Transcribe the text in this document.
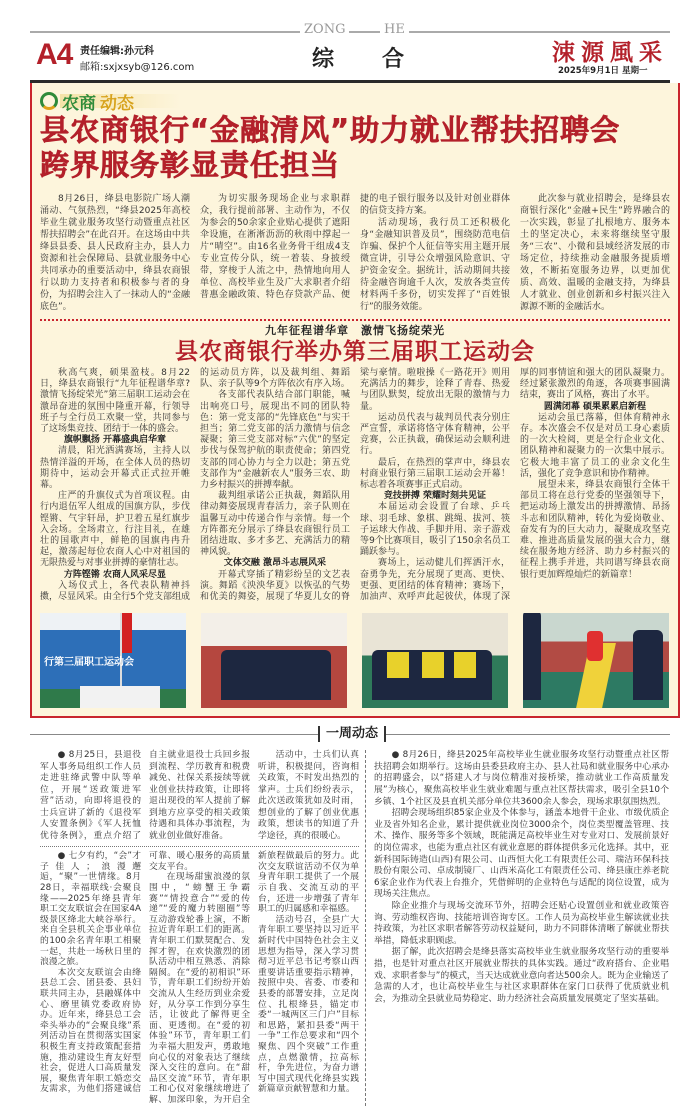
ZONG	HE
A4 责任编辑:孙元科
邮箱:sxjxsyb@126.com	综合	涑源風采
2025年9月1日 星期一
农商 动态
县农商银行“金融清风”助力就业帮扶招聘会
跨界服务彰显责任担当

8月26日，绛县电影院广场人潮涌动、气氛热烈，“绛县2025年高校毕业生就业服务攻坚行动暨重点社区帮扶招聘会”在此召开。在这场由中共绛县县委、县人民政府主办，县人力资源和社会保障局、县就业服务中心共同承办的重要活动中，绛县农商银行以助力支持者和积极参与者的身份，为招聘会注入了一抹动人的“金融底色”。

为切实服务现场企业与求职群众，我行提前部署、主动作为，不仅为参会的50余家企业贴心提供了遮阳伞设施，在淅淅沥沥的秋雨中撑起一片“晴空”。由16名业务骨干组成4支专业宣传分队，统一着装、身披绶带，穿梭于人流之中，热情地向用人单位、高校毕业生及广大求职者介绍普惠金融政策、特色存贷款产品、便捷的电子银行服务以及针对创业群体的信贷支持方案。

活动现场，我行员工还积极化身“金融知识普及员”，围绕防范电信诈骗、保护个人征信等实用主题开展微宣讲，引导公众增强风险意识、守护资金安全。据统计，活动期间共接待金融咨询逾千人次，发放各类宣传材料两千多份，切实发挥了“百姓银行”的服务效能。

此次参与就业招聘会，是绛县农商银行深化“金融+民生”跨界融合的一次实践，彰显了扎根地方、服务本土的坚定决心，未来将继续坚守服务“三农”、小微和县域经济发展的市场定位，持续推动金融服务提质增效，不断拓宽服务边界，以更加优质、高效、温暖的金融支持，为绛县人才就业、创业创新和乡村振兴注入源源不断的金融活水。

九年征程谱华章　激情飞扬绽荣光
县农商银行举办第三届职工运动会

秋高气爽，硕果盈枝。8月22日，绛县农商银行“九年征程谱华章?激情飞扬绽荣光”第三届职工运动会在激昂奋进的氛围中隆重开幕，行领导班子与全行员工欢聚一堂，共同参与了这场集竞技、团结于一体的盛会。

旗帜飘扬 开幕盛典启华章

清晨，阳光洒满赛场，主持人以热情洋溢的开场，在全体人员的热切期待中，运动会开幕式正式拉开帷幕。

庄严的升旗仪式为首项议程。由行内退伍军人组成的国旗方队，步伐铿锵、气宇轩昂，护卫着五星红旗步入会场。全场肃立，行注目礼，在雄壮的国歌声中，鲜艳的国旗冉冉升起，激荡起每位农商人心中对祖国的无限热爱与对事业拼搏的豪情壮志。

方阵铿锵 农商人风采尽显

入场仪式上，各代表队精神抖擞，尽显风采。由全行5个党支部组成的运动员方阵，以及裁判组、舞蹈队、亲子队等9个方阵依次有序入场。

各支部代表队结合部门职能，喊出响亮口号，展现出不同的团队特色：第一党支部的“先锋底色”与实干担当；第二党支部的活力激情与信念凝聚；第三党支部对标“六优”的坚定步伐与保驾护航的职责使命；第四党支部的同心协力与全力以赴；第五党支部作为“金融新农人”服务三农、助力乡村振兴的拼搏奉献。

裁判组承诺公正执裁，舞蹈队用律动舞姿展现青春活力，亲子队则在温馨互动中传递合作与亲情。每一个方阵都充分展示了绛县农商银行员工团结进取、多才多艺、充满活力的精神风貌。

文体交融 激昂斗志展风采

开幕式穿插了精彩纷呈的文艺表演。舞蹈《泱泱华夏》以恢弘的气势和优美的舞姿，展现了华夏儿女的脊梁与豪情。啦啦操《一路花开》则用充满活力的舞步，诠释了青春、热爱与团队默契，绽放出无限的激情与力量。

运动员代表与裁判员代表分别庄严宣誓，承诺将恪守体育精神，公平竞赛，公正执裁，确保运动会顺利进行。

最后，在热烈的掌声中，绛县农村商业银行第三届职工运动会开幕！标志着各项赛事正式启动。

竞技拼搏 荣耀时刻共见证

本届运动会设置了台球、乒乓球、羽毛球、象棋、跳绳、拔河、筷子运球大作战、手脚并用、亲子游戏等9个比赛项目，吸引了150余名员工踊跃参与。

赛场上，运动健儿们挥洒汗水，奋勇争先，充分展现了更高、更快、更强、更团结的体育精神；赛场下，加油声、欢呼声此起彼伏，体现了深厚的同事情谊和强大的团队凝聚力。经过紧张激烈的角逐，各项赛事圆满结束，赛出了风格，赛出了水平。

圆满闭幕 硕果累累启新程

运动会虽已落幕，但体育精神永存。本次盛会不仅是对员工身心素质的一次大检阅，更是全行企业文化、团队精神和凝聚力的一次集中展示。它极大地丰富了员工的业余文化生活，强化了竞争意识和协作精神。

展望未来，绛县农商银行全体干部员工将在总行党委的坚强领导下，把运动场上激发出的拼搏激情、昂扬斗志和团队精神，转化为爱岗敬业、奋发有为的巨大动力，凝聚成攻坚克难、推进高质量发展的强大合力，继续在服务地方经济、助力乡村振兴的征程上携手并进，共同谱写绛县农商银行更加辉煌灿烂的新篇章！

行第三届职工运动会
一周动态

● 8月25日，县退役军人事务局组织工作人员走进驻绛武警中队等单位，开展“送政策进军营”活动，向即将退役的士兵宣讲了新的《退役军人安置条例》《军人抚恤优待条例》，重点介绍了自主就业退役士兵回乡报到流程、学历教育和税费减免、社保关系接续等就业创业扶持政策，让即将退出现役的军人提前了解到地方应享受的相关政策待遇和具体办事流程，为就业创业做好准备。

活动中，士兵们认真听讲，积极提问，咨询相关政策，不时发出热烈的掌声。士兵们纷纷表示，此次送政策犹如及时雨，想创业的了解了创业优惠政策，想读书的知道了升学途径，真的很暖心。

● 七夕有约，“会”才子佳人；浪漫邂逅，“聚”一世情缘。8月28日，幸福联线·会聚良缘——2025年绛县青年职工交友联谊会在国家4A级景区绛北大峡谷举行。来自全县机关企事业单位的100余名青年职工相聚一起，共赴一场秋日里的浪漫之旅。

本次交友联谊会由绛县总工会、团县委、县妇联共同主办，县融媒体中心、磨里镇党委政府协办。近年来，绛县总工会牵头举办的“会聚良缘”系列活动旨在贯彻落实国家积极生育支持政策配套措施，推动建设生育友好型社会，促进人口高质量发展，聚焦青年职工婚恋交友需求，为他们搭建诚信可靠、暖心服务的高质量交友平台。

在现场甜蜜浪漫的氛围中，“螃蟹王争霸赛”“情投意合”“爱的传递”“爱的魔力转圈圈”等互动游戏轮番上演，不断拉近青年职工们的距离。青年职工们默契配合、发挥才智，在欢快激烈的团队活动中相互熟悉、消除隔阂。在“爱的初相识”环节，青年职工们纷纷开始交流从人生经历到业余爱好，从分享工作到分享生活，让彼此了解得更全面、更透彻。在“爱的初体验”环节，青年职工们为幸福大胆发声，勇敢地向心仪的对象表达了继续深入交往的意向。在“甜品区交流”环节，青年职工和心仪对象继续增进了解、加深印象，为开启全新旅程做最后的努力。此次交友联谊活动不仅为单身青年职工提供了一个展示自我、交流互动的平台，还进一步增强了青年职工的归属感和幸福感。

活动号召，全县广大青年职工要坚持以习近平新时代中国特色社会主义思想为指导，深入学习贯彻习近平总书记考察山西重要讲话重要指示精神，按照中央、省委、市委和县委的部署安排，立足岗位、扎根绛县，锚定市委“一城两区三门户”目标和思路，紧扣县委“两干一争”工作总要求和“四个聚焦、四个突破”工作重点，点燃激情，拉高标杆，争先进位，为奋力谱写中国式现代化绛县实践新篇章贡献智慧和力量。

● 8月26日，绛县2025年高校毕业生就业服务攻坚行动暨重点社区帮扶招聘会如期举行。这场由县委县政府主办、县人社局和就业服务中心承办的招聘盛会，以“搭建人才与岗位精准对接桥梁，推动就业工作高质量发展”为核心，聚焦高校毕业生就业难题与重点社区帮扶需求，吸引全县10个乡镇、1个社区及县直机关部分单位共3600余人参会，现场求职氛围热烈。

招聘会现场组织85家企业及个体参与，涵盖本地骨干企业、市级优质企业及省外知名企业，累计提供就业岗位3000余个，岗位类型覆盖管理、技术、操作、服务等多个领域，既能满足高校毕业生对专业对口、发展前景好的岗位需求，也能为重点社区有就业意愿的群体提供多元化选择。其中，亚新科国际铸造(山西)有限公司、山西恒大化工有限责任公司、瑞洁环保科技股份有限公司、卓成制镜厂、山西米高化工有限责任公司、绛县康庄养老院6家企业作为代表上台推介，凭借鲜明的企业特色与适配的岗位设置，成为现场关注焦点。

除企业推介与现场交流环节外，招聘会还贴心设置创业和就业政策咨询、劳动维权咨询、技能培训咨询专区。工作人员为高校毕业生解读就业扶持政策，为社区求职者解答劳动权益疑问，助力不同群体清晰了解就业帮扶举措，降低求职顾虑。

据了解，此次招聘会是绛县落实高校毕业生就业服务攻坚行动的重要举措，也是针对重点社区开展就业帮扶的具体实践。通过“政府搭台、企业唱戏、求职者参与”的模式，当天达成就业意向者达500余人。既为企业输送了急需的人才，也让高校毕业生与社区求职群体在家门口获得了优质就业机会，为推动全县就业局势稳定、助力经济社会高质量发展奠定了坚实基础。
